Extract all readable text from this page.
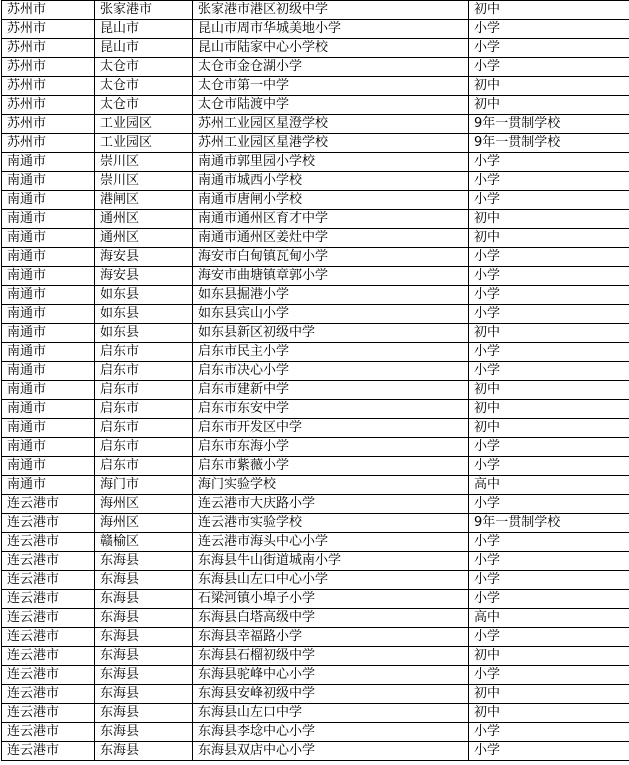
苏州市	张家港市	张家港市港区初级中学	初中
苏州市	昆山市	昆山市周市华城美地小学	小学
苏州市	昆山市	昆山市陆家中心小学校	小学
苏州市	太仓市	太仓市金仓湖小学	小学
苏州市	太仓市	太仓市第一中学	初中
苏州市	太仓市	太仓市陆渡中学	初中
苏州市	工业园区	苏州工业园区星澄学校	9年一贯制学校
苏州市	工业园区	苏州工业园区星港学校	9年一贯制学校
南通市	崇川区	南通市郭里园小学校	小学
南通市	崇川区	南通市城西小学校	小学
南通市	港闸区	南通市唐闸小学校	小学
南通市	通州区	南通市通州区育才中学	初中
南通市	通州区	南通市通州区姜灶中学	初中
南通市	海安县	海安市白甸镇瓦甸小学	小学
南通市	海安县	海安市曲塘镇章郭小学	小学
南通市	如东县	如东县掘港小学	小学
南通市	如东县	如东县宾山小学	小学
南通市	如东县	如东县新区初级中学	初中
南通市	启东市	启东市民主小学	小学
南通市	启东市	启东市决心小学	小学
南通市	启东市	启东市建新中学	初中
南通市	启东市	启东市东安中学	初中
南通市	启东市	启东市开发区中学	初中
南通市	启东市	启东市东海小学	小学
南通市	启东市	启东市紫薇小学	小学
南通市	海门市	海门实验学校	高中
连云港市	海州区	连云港市大庆路小学	小学
连云港市	海州区	连云港市实验学校	9年一贯制学校
连云港市	赣榆区	连云港市海头中心小学	小学
连云港市	东海县	东海县牛山街道城南小学	小学
连云港市	东海县	东海县山左口中心小学	小学
连云港市	东海县	石梁河镇小埠子小学	小学
连云港市	东海县	东海县白塔高级中学	高中
连云港市	东海县	东海县幸福路小学	小学
连云港市	东海县	东海县石榴初级中学	初中
连云港市	东海县	东海县驼峰中心小学	小学
连云港市	东海县	东海县安峰初级中学	初中
连云港市	东海县	东海县山左口中学	初中
连云港市	东海县	东海县李埝中心小学	小学
连云港市	东海县	东海县双店中心小学	小学
